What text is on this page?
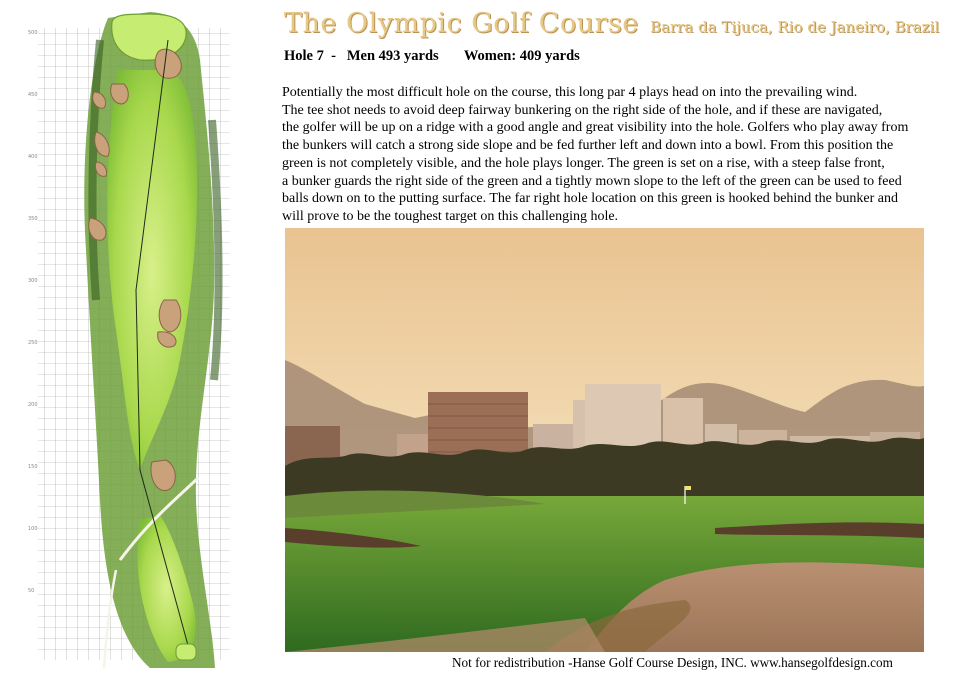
500
450
400
350
300
250
200
150
100
50
The Olympic Golf Course Barra da Tijuca, Rio de Janeiro, Brazil
Hole 7 - Men 493 yards Women: 409 yards
Potentially the most difficult hole on the course, this long par 4 plays head on into the prevailing wind.
The tee shot needs to avoid deep fairway bunkering on the right side of the hole, and if these are navigated,
the golfer will be up on a ridge with a good angle and great visibility into the hole. Golfers who play away from
the bunkers will catch a strong side slope and be fed further left and down into a bowl. From this position the
green is not completely visible, and the hole plays longer. The green is set on a rise, with a steep false front,
a bunker guards the right side of the green and a tightly mown slope to the left of the green can be used to feed
balls down on to the putting surface. The far right hole location on this green is hooked behind the bunker and
will prove to be the toughest target on this challenging hole.
Not for redistribution -Hanse Golf Course Design, INC. www.hansegolfdesign.com
